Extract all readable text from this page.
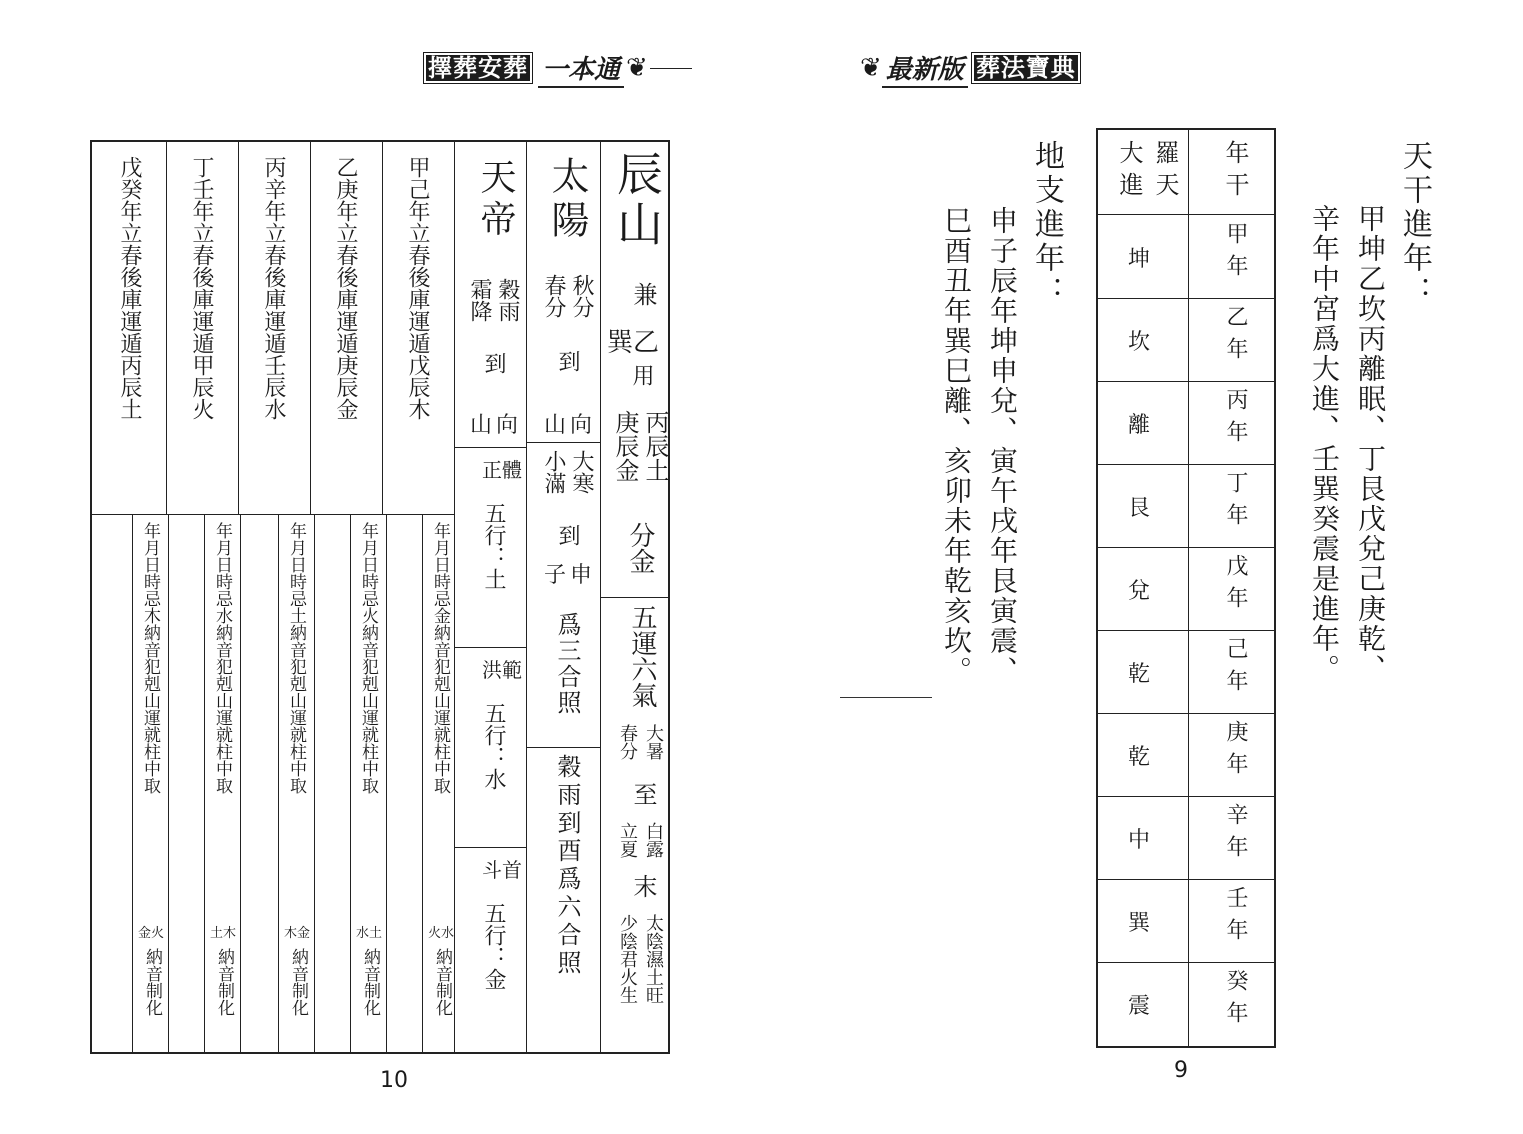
擇葬安葬 一本通 ❦
辰山
兼
巽乙
用
丙辰土
庚辰金
分金
五運六氣
大暑
春分
至
白露
立夏
末
太陰濕土旺
少陰君火生
太陽
秋分
春分
到
山向
大寒
小滿
到
子申
爲三合照
穀雨到酉爲六合照
天帝
穀雨
霜降
到
山向
正體
五行：土
洪範
五行：水
斗首
五行：金
甲己年立春後庫運遁戊辰木
乙庚年立春後庫運遁庚辰金
丙辛年立春後庫運遁壬辰水
丁壬年立春後庫運遁甲辰火
戊癸年立春後庫運遁丙辰土
年月日時忌金納音犯剋山運就柱中取
火水
納音制化
年月日時忌火納音犯剋山運就柱中取
水土
納音制化
年月日時忌土納音犯剋山運就柱中取
木金
納音制化
年月日時忌水納音犯剋山運就柱中取
土木
納音制化
年月日時忌木納音犯剋山運就柱中取
金火
納音制化
10
❦ 最新版 葬法寶典
天干進年：
甲坤乙坎丙離眠、丁艮戊兌己庚乾、
辛年中宮爲大進、壬巽癸震是進年。
地支進年：
申子辰年坤申兌、寅午戌年艮寅震、
巳酉丑年巽巳離、亥卯未年乾亥坎。
年干
羅天
大進
甲年
坤
乙年
坎
丙年
離
丁年
艮
戊年
兌
己年
乾
庚年
乾
辛年
中
壬年
巽
癸年
震
9
